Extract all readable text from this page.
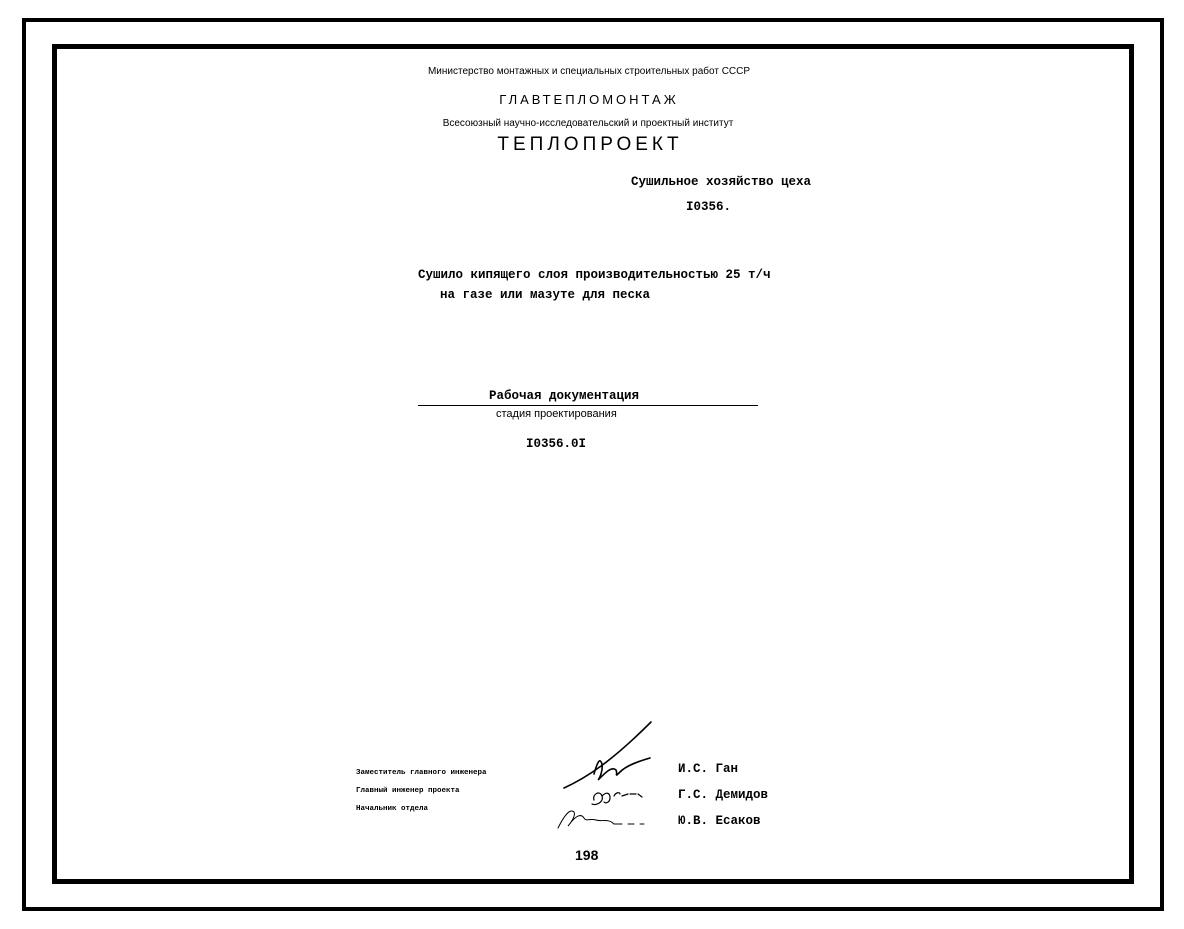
Министерство монтажных и специальных строительных работ СССР
ГЛАВТЕПЛОМОНТАЖ
Всесоюзный научно-исследовательский и проектный институт
ТЕПЛОПРОЕКТ
Сушильное хозяйство цеха
I0356.
Сушило кипящего слоя производительностью 25 т/ч
на газе или мазуте для песка
Рабочая документация
стадия проектирования
I0356.0I
Заместитель главного инженера
Главный инженер проекта
Начальник отдела
И.С. Ган
Г.С. Демидов
Ю.В. Есаков
198
